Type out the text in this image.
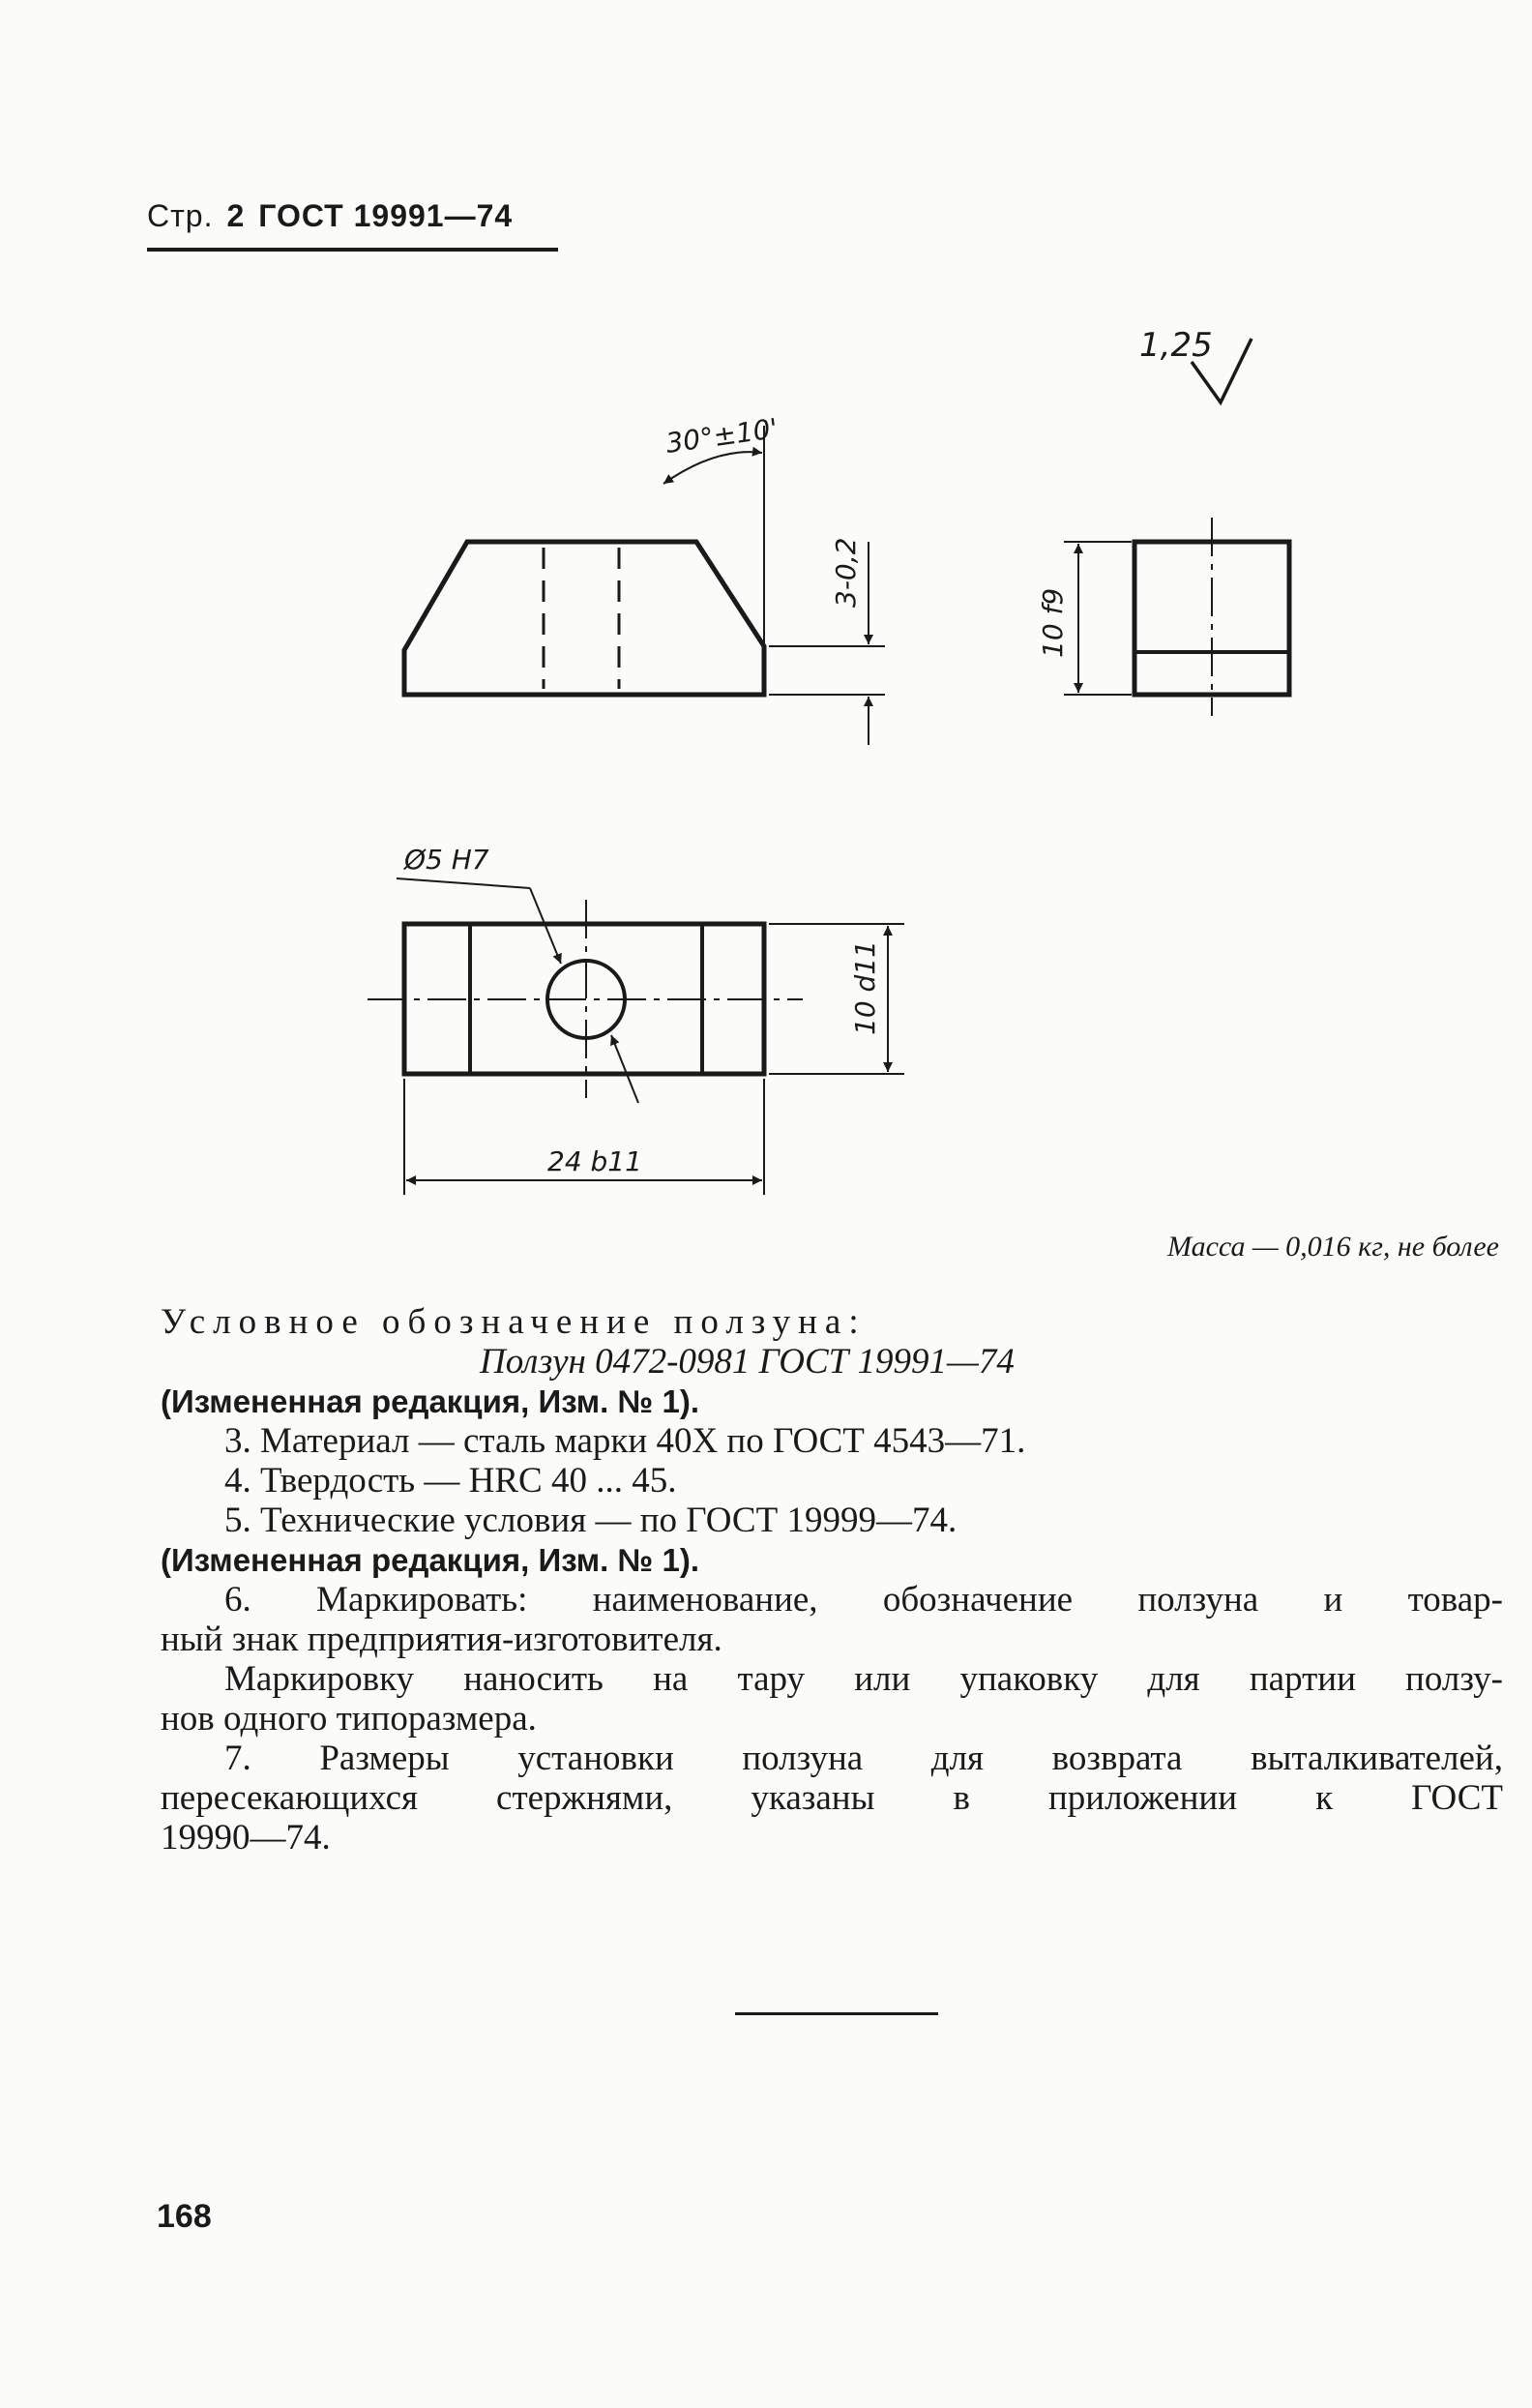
Стр. 2 ГОСТ 19991—74
1,25
30°±10'
3-0,2
10 f9
Ø5 H7
10 d11
24 b11
Масса — 0,016 кг, не более

Условное обозначение ползуна:

Ползун 0472-0981 ГОСТ 19991—74

(Измененная редакция, Изм. № 1).

3. Материал — сталь марки 40Х по ГОСТ 4543—71.

4. Твердость — HRC 40 ... 45.

5. Технические условия — по ГОСТ 19999—74.

(Измененная редакция, Изм. № 1).

6. Маркировать: наименование, обозначение ползуна и товар-

ный знак предприятия-изготовителя.

Маркировку наносить на тару или упаковку для партии ползу-

нов одного типоразмера.

7. Размеры установки ползуна для возврата выталкивателей,

пересекающихся стержнями, указаны в приложении к ГОСТ

19990—74.

168
